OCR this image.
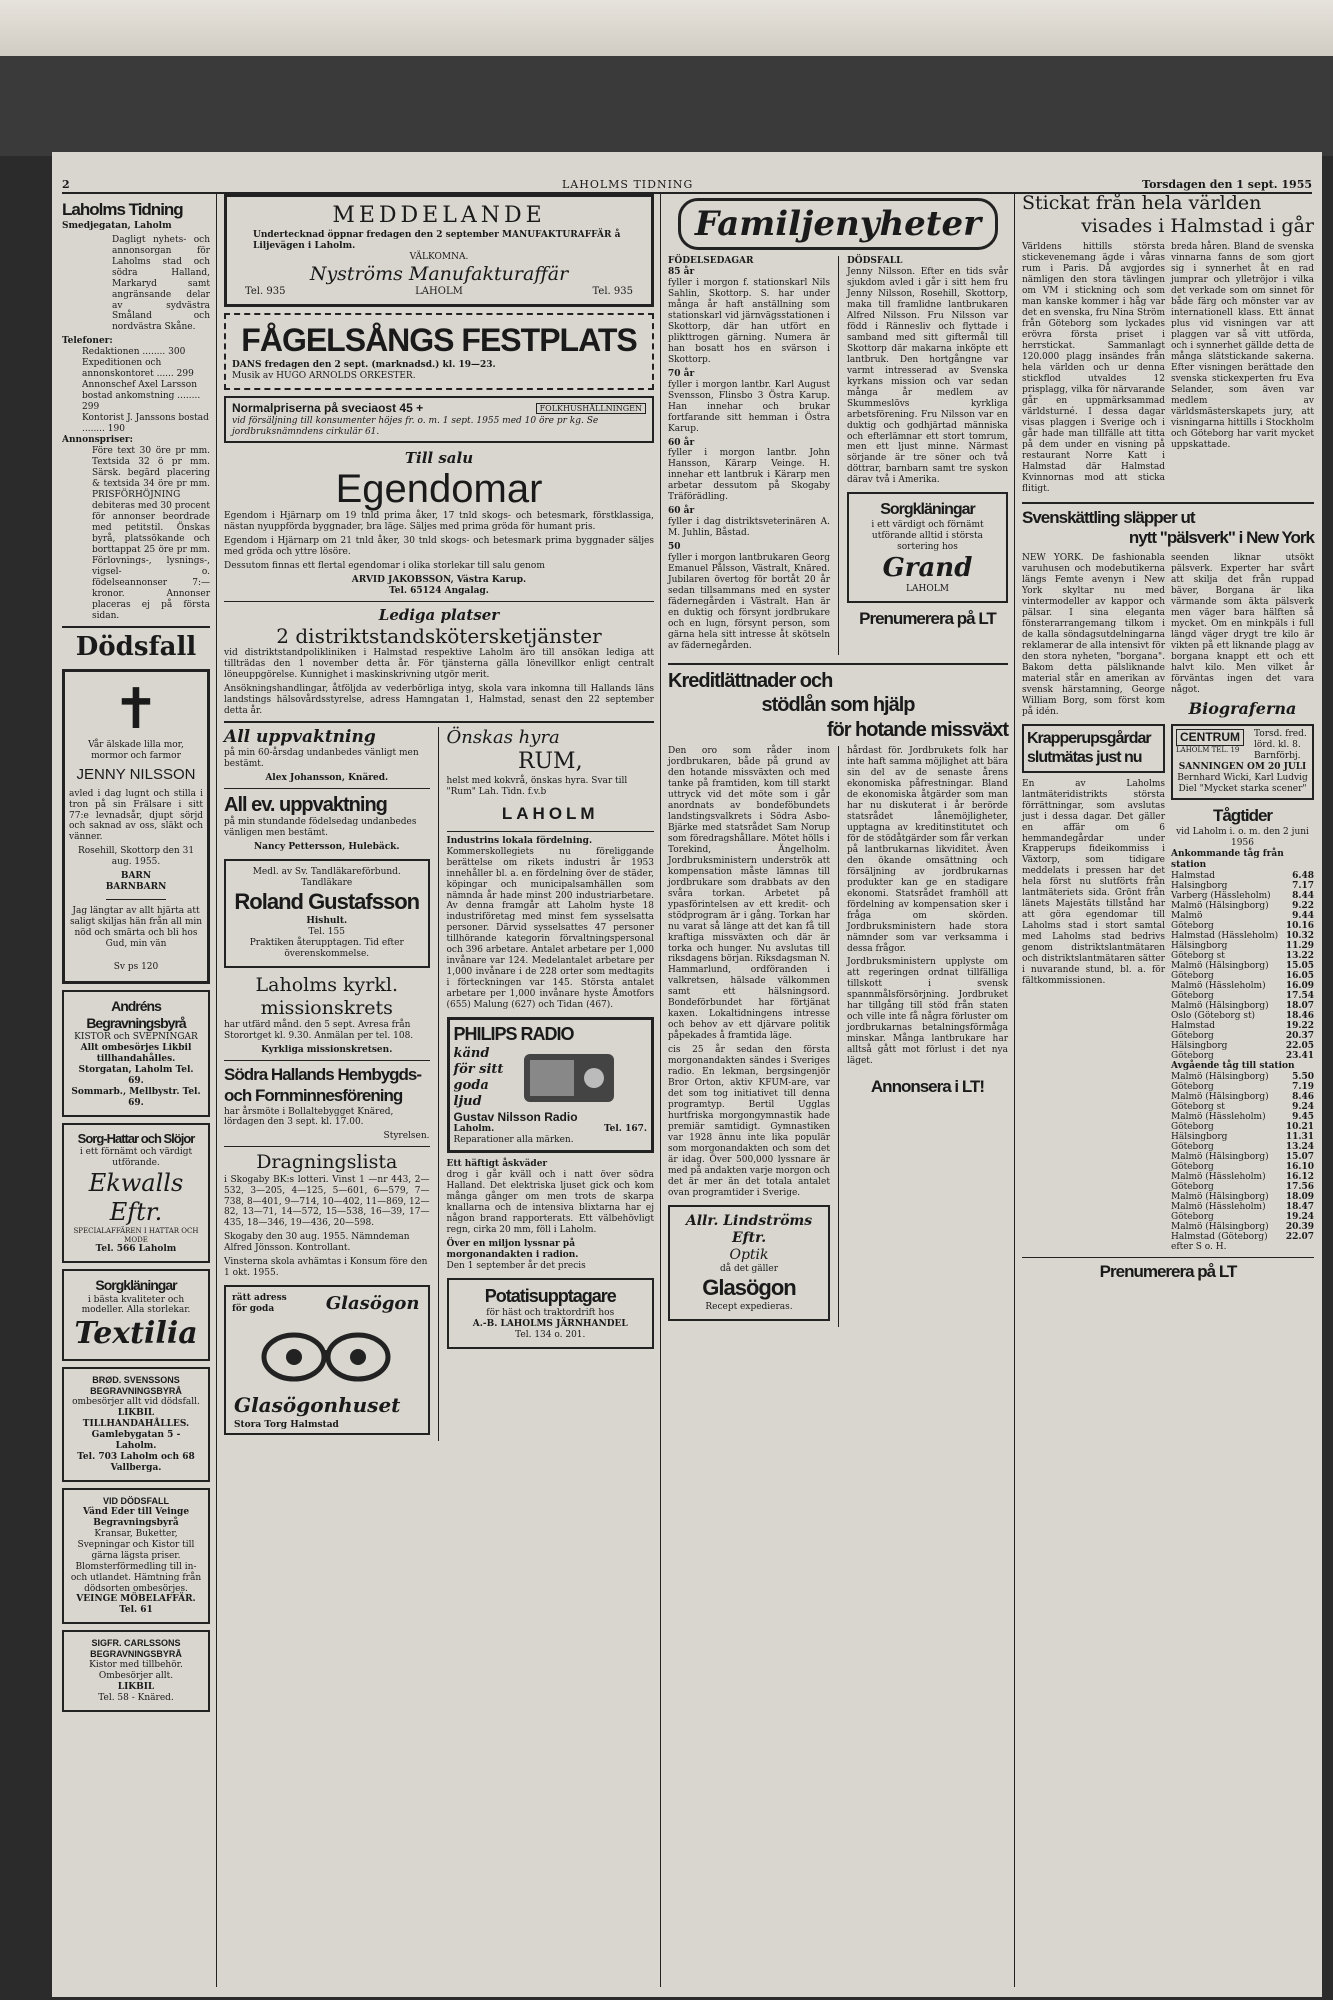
2	LAHOLMS TIDNING	Torsdagen den 1 sept. 1955
Laholms Tidning
Smedjegatan, Laholm

Dagligt nyhets- och annonsorgan för Laholms stad och södra Halland, Markaryd samt angränsande delar av sydvästra Småland och nordvästra Skåne.

Telefoner:
Redaktionen ........ 300
Expeditionen och annonskontoret ...... 299
Annonschef Axel Larsson bostad ankomstning ........ 299
Kontorist J. Janssons bostad ........ 190
Annonspriser:

Före text 30 öre pr mm. Textsida 32 ö pr mm. Särsk. begärd placering & textsida 34 öre pr mm. PRISFÖRHÖJNING debiteras med 30 procent för annonser beordrade med petitstil. Önskas byrå, platssökande och borttappat 25 öre pr mm. Förlovnings-, lysnings-, vigsel- o. födelseannonser 7:— kronor. Annonser placeras ej på första sidan.

Dödsfall
✝

Vår älskade lilla mor, mormor och farmor

JENNY NILSSON

avled i dag lugnt och stilla i tron på sin Frälsare i sitt 77:e levnadsår, djupt sörjd och saknad av oss, släkt och vänner.

Rosehill, Skottorp den 31 aug. 1955.

BARN
BARNBARN

Jag längtar av allt hjärta att saligt skiljas hän från all min nöd och smärta och bli hos Gud, min vän

Sv ps 120
Andréns Begravningsbyrå
KISTOR och SVEPNINGAR
Allt ombesörjes Likbil tillhandahålles.
Storgatan, Laholm Tel. 69.
Sommarb., Mellbystr. Tel. 69.
Sorg-Hattar och Slöjor
i ett förnämt och värdigt utförande.
Ekwalls Eftr.
SPECIALAFFÄREN I HATTAR OCH MODE
Tel. 566 Laholm
Sorgkläningar
i bästa kvaliteter och modeller. Alla storlekar.
Textilia
BRØD. SVENSSONS BEGRAVNINGSBYRÅ
ombesörjer allt vid dödsfall.
LIKBIL TILLHANDAHÅLLES.
Gamlebygatan 5 - Laholm.
Tel. 703 Laholm och 68 Vallberga.
VID DÖDSFALL
Vänd Eder till Veinge Begravningsbyrå
Kransar, Buketter, Svepningar och Kistor till gärna lägsta priser. Blomsterförmedling till in- och utlandet. Hämtning från dödsorten ombesörjes.
VEINGE MÖBELAFFÄR. Tel. 61
SIGFR. CARLSSONS BEGRAVNINGSBYRÅ
Kistor med tillbehör. Ombesörjer allt.
LIKBIL
Tel. 58 - Knäred.
MEDDELANDE

Undertecknad öppnar fredagen den 2 september MANUFAKTURAFFÄR å Liljevägen i Laholm.

VÄLKOMNA.
Nyströms Manufakturaffär
Tel. 935	LAHOLM	Tel. 935
FÅGELSÅNGS FESTPLATS
DANS fredagen den 2 sept. (marknadsd.) kl. 19—23.
Musik av HUGO ARNOLDS ORKESTER.
Normalpriserna på sveciaost 45 +	FOLKHUSHÅLLNINGEN
vid försäljning till konsumenter höjes fr. o. m. 1 sept. 1955 med 10 öre pr kg. Se jordbruksnämndens cirkulär 61.
Till salu
Egendomar

Egendom i Hjärnarp om 19 tnld prima åker, 17 tnld skogs- och betesmark, förstklassiga, nästan nyuppförda byggnader, bra läge. Säljes med prima gröda för humant pris.

Egendom i Hjärnarp om 21 tnld åker, 30 tnld skogs- och betesmark prima byggnader säljes med gröda och yttre lösöre.

Dessutom finnas ett flertal egendomar i olika storlekar till salu genom

ARVID JAKOBSSON, Västra Karup.
Tel. 65124 Angalag.
Lediga platser
2 distriktstandskötersketjänster

vid distriktstandpolikliniken i Halmstad respektive Laholm äro till ansökan lediga att tillträdas den 1 november detta år. För tjänsterna gälla lönevillkor enligt centralt löneuppgörelse. Kunnighet i maskinskrivning utgör merit.

Ansökningshandlingar, åtföljda av vederbörliga intyg, skola vara inkomna till Hallands läns landstings hälsovårdsstyrelse, adress Hamngatan 1, Halmstad, senast den 22 september detta år.

All uppvaktning

på min 60-årsdag undanbedes vänligt men bestämt.

Alex Johansson, Knäred.
All ev. uppvaktning

på min stundande födelsedag undanbedes vänligen men bestämt.

Nancy Pettersson, Hulebäck.
Medl. av Sv. Tandläkareförbund. Tandläkare
Roland Gustafsson
Hishult.
Tel. 155
Praktiken återupptagen. Tid efter överenskommelse.
Laholms kyrkl. missionskrets

har utfärd månd. den 5 sept. Avresa från Storortget kl. 9.30. Anmälan per tel. 108.

Kyrkliga missionskretsen.
Södra Hallands Hembygds- och Fornminnesförening

har årsmöte i Bollaltebygget Knäred, lördagen den 3 sept. kl. 17.00.

Styrelsen.
Dragningslista

i Skogaby BK:s lotteri. Vinst 1 —nr 443, 2—532, 3—205, 4—125, 5—601, 6—579, 7—738, 8—401, 9—714, 10—402, 11—869, 12—82, 13—71, 14—572, 15—538, 16—39, 17—435, 18—346, 19—436, 20—598.

Skogaby den 30 aug. 1955. Nämndeman Alfred Jönsson. Kontrollant.

Vinsterna skola avhämtas i Konsum före den 1 okt. 1955.

rätt adress för goda	Glasögon
Glasögonhuset
Stora Torg Halmstad
Önskas hyra
RUM,

helst med kokvrå, önskas hyra. Svar till "Rum" Lah. Tidn. f.v.b

LAHOLM
Industrins lokala fördelning.

Kommerskollegiets nu föreliggande berättelse om rikets industri år 1953 innehåller bl. a. en fördelning över de städer, köpingar och municipalsamhällen som nämnda år hade minst 200 industriarbetare. Av denna framgår att Laholm hyste 18 industriföretag med minst fem sysselsatta personer. Därvid sysselsattes 47 personer tillhörande kategorin förvaltningspersonal och 396 arbetare. Antalet arbetare per 1,000 invånare var 124. Medelantalet arbetare per 1,000 invånare i de 228 orter som medtagits i förteckningen var 145. Största antalet arbetare per 1,000 invånare hyste Åmotfors (655) Malung (627) och Tidan (467).

PHILIPS RADIO
känd för sitt goda ljud
Gustav Nilsson Radio
Laholm.	Tel. 167.
Reparationer alla märken.
Ett häftigt åskväder

drog i går kväll och i natt över södra Halland. Det elektriska ljuset gick och kom många gånger om men trots de skarpa knallarna och de intensiva blixtarna har ej någon brand rapporterats. Ett välbehövligt regn, cirka 20 mm, föll i Laholm.

Över en miljon lyssnar på morgonandakten i radion.

Den 1 september år det precis

Potatisupptagare
för häst och traktordrift hos
A.-B. LAHOLMS JÄRNHANDEL
Tel. 134 o. 201.
Familjenyheter
FÖDELSEDAGAR
85 år

fyller i morgon f. stationskarl Nils Sahlin, Skottorp. S. har under många år haft anställning som stationskarl vid järnvägsstationen i Skottorp, där han utfört en plikttrogen gärning. Numera är han bosatt hos en svärson i Skottorp.

70 år

fyller i morgon lantbr. Karl August Svensson, Flinsbo 3 Östra Karup. Han innehar och brukar fortfarande sitt hemman i Östra Karup.

60 år

fyller i morgon lantbr. John Hansson, Kärarp Veinge. H. innehar ett lantbruk i Kärarp men arbetar dessutom på Skogaby Träförädling.

60 år

fyller i dag distriktsveterinären A. M. Juhlin, Båstad.

50

fyller i morgon lantbrukaren Georg Emanuel Pålsson, Västralt, Knäred. Jubilaren övertog för bortåt 20 år sedan tillsammans med en syster fädernegården i Västralt. Han är en duktig och försynt jordbrukare och en lugn, försynt person, som gärna hela sitt intresse åt skötseln av fädernegården.

DÖDSFALL

Jenny Nilsson. Efter en tids svår sjukdom avled i går i sitt hem fru Jenny Nilsson, Rosehill, Skottorp, maka till framlidne lantbrukaren Alfred Nilsson. Fru Nilsson var född i Rännesliv och flyttade i samband med sitt giftermål till Skottorp där makarna inköpte ett lantbruk. Den hortgångne var varmt intresserad av Svenska kyrkans mission och var sedan många år medlem av Skummeslövs kyrkliga arbetsförening. Fru Nilsson var en duktig och godhjärtad människa och efterlämnar ett stort tomrum, men ett ljust minne. Närmast sörjande är tre söner och två döttrar, barnbarn samt tre syskon därav två i Amerika.

Sorgkläningar
i ett värdigt och förnämt utförande alltid i största sortering hos
Grand
LAHOLM
Prenumerera på LT
Kreditlättnader och
stödlån som hjälp
för hotande missväxt

Den oro som råder inom jordbrukaren, både på grund av den hotande missväxten och med tanke på framtiden, kom till starkt uttryck vid det möte som i går anordnats av bondeföbundets landstingsvalkrets i Södra Asbo-Bjärke med statsrådet Sam Norup som föredragshållare. Mötet hölls i Torekind, Ängelholm. Jordbruksministern underströk att kompensation måste lämnas till jordbrukare som drabbats av den svåra torkan. Arbetet på ypasförintelsen av ett kredit- och stödprogram är i gång. Torkan har nu varat så länge att det kan få till kraftiga missväxten och där är torka och hunger. Nu avslutas till riksdagens början. Riksdagsman N. Hammarlund, ordföranden i valkretsen, hälsade välkommen samt ett hälsningsord. Bondeförbundet har förtjänat kaxen. Lokaltidningens intresse och behov av ett djärvare politik påpekades å framtida läge.

cis 25 år sedan den första morgonandakten sändes i Sveriges radio. En lekman, bergsingenjör Bror Orton, aktiv KFUM-are, var det som tog initiativet till denna programtyp. Bertil Ugglas hurtfriska morgongymnastik hade premiär samtidigt. Gymnastiken var 1928 ännu inte lika populär som morgonandakten och som det är idag. Över 500,000 lyssnare är med på andakten varje morgon och det är mer än det totala antalet ovan programtider i Sverige.

Allr. Lindströms Eftr.
Optik
då det gäller
Glasögon
Recept expedieras.

hårdast för. Jordbrukets folk har inte haft samma möjlighet att bära sin del av de senaste årens ekonomiska påfrestningar. Bland de ekonomiska åtgärder som man har nu diskuterat i år berörde statsrådet lånemöjligheter, upptagna av kreditinstitutet och för de stödåtgärder som får verkan på lantbrukarnas likviditet. Även den ökande omsättning och försäljning av jordbrukarnas produkter kan ge en stadigare ekonomi. Statsrådet framhöll att fördelning av kompensation sker i fråga om skörden. Jordbruksministern hade stora nämnder som var verksamma i dessa frågor.

Jordbruksministern upplyste om att regeringen ordnat tillfälliga tillskott i svensk spannmålsförsörjning. Jordbruket har tillgång till stöd från staten och ville inte få några förluster om jordbrukarnas betalningsförmåga minskar. Många lantbrukare har alltså gått mot förlust i det nya läget.

Annonsera i LT!
Stickat från hela världen
visades i Halmstad i går

Världens hittills största stickevenemang ägde i våras rum i Paris. Då avgjordes nämligen den stora tävlingen om VM i stickning och som man kanske kommer i håg var det en svenska, fru Nina Ström från Göteborg som lyckades erövra första priset i herrstickat. Sammanlagt 120.000 plagg insändes från hela världen och ur denna stickflod utvaldes 12 prisplagg, vilka för närvarande går en uppmärksammad världsturné. I dessa dagar visas plaggen i Sverige och i går hade man tillfälle att titta på dem under en visning på restaurant Norre Katt i Halmstad där Halmstad Kvinnornas mod att sticka flitigt.

breda håren. Bland de svenska vinnarna fanns de som gjort sig i synnerhet åt en rad jumprar och ylletröjor i vilka det verkade som om sinnet för både färg och mönster var av internationell klass. Ett ännat plus vid visningen var att plaggen var så vitt utförda, och i synnerhet gällde detta de många slätstickande sakerna. Efter visningen berättade den svenska stickexperten fru Eva Selander, som även var medlem av världsmästerskapets jury, att visningarna hittills i Stockholm och Göteborg har varit mycket uppskattade.

Svenskättling släpper ut
nytt "pälsverk" i New York

NEW YORK. De fashionabla varuhusen och modebutikerna längs Femte avenyn i New York skyltar nu med vintermodeller av kappor och pälsar. I sina eleganta fönsterarrangemang tilkom i de kalla söndagsutdelningarna reklamerar de alla intensivt för den stora nyheten, "borgana". Bakom detta pälsliknande material står en amerikan av svensk härstamning, George William Borg, som först kom på idén.

Krapperupsgårdar slutmätas just nu

En av Laholms lantmäteridistrikts största förrättningar, som avslutas just i dessa dagar. Det gäller en affär om 6 hemmandegårdar under Krapperups fideikommiss i Växtorp, som tidigare meddelats i pressen har det hela först nu slutförts från lantmäteriets sida. Grönt från länets Majestäts tillstånd har att göra egendomar till Laholms stad i stort samtal med Laholms stad bedrivs genom distriktslantmätaren och distriktslantmätaren sätter i nuvarande stund, bl. a. för fältkommissionen.

seenden liknar utsökt pälsverk. Experter har svårt att skilja det från ruppad bäver, Borgana är lika värmande som äkta pälsverk men väger bara hälften så mycket. Om en minkpäls i full längd väger drygt tre kilo är vikten på ett liknande plagg av borgana knappt ett och ett halvt kilo. Men vilket år förväntas ingen det vara något.

Biograferna
CENTRUM
LAHOLM TEL. 19
Torsd. fred. lörd. kl. 8. Barnförbj.
SANNINGEN OM 20 JULI
Bernhard Wicki, Karl Ludvig Diel "Mycket starka scener"
Tågtider
vid Laholm i. o. m. den 2 juni 1956
Ankommande tåg från station
Halmstad	6.48
Halsingborg	7.17
Varberg (Hässleholm) 8.44
Malmö (Hälsingborg)	9.22
Malmö	9.44
Göteborg	10.16
Halmstad (Hässleholm) 10.32
Hälsingborg	11.29
Göteborg st	13.22
Malmö (Hälsingborg) 15.05
Göteborg	16.05
Malmö (Hässleholm) 16.09
Göteborg	17.54
Malmö (Hälsingborg) 18.07
Oslo (Göteborg st)	18.46
Halmstad	19.22
Göteborg	20.37
Hälsingborg	22.05
Göteborg	23.41
Avgående tåg till station
Malmö (Hälsingborg)	5.50
Göteborg	7.19
Malmö (Hälsingborg)	8.46
Göteborg st	9.24
Malmö (Hässleholm)	9.45
Göteborg	10.21
Hälsingborg	11.31
Göteborg	13.24
Malmö (Hälsingborg) 15.07
Göteborg	16.10
Malmö (Hässleholm) 16.12
Göteborg	17.56
Malmö (Hälsingborg) 18.09
Malmö (Hässleholm) 18.47
Göteborg	19.24
Malmö (Hälsingborg) 20.39
Halmstad (Göteborg) 22.07
efter S o. H.
Prenumerera på LT
